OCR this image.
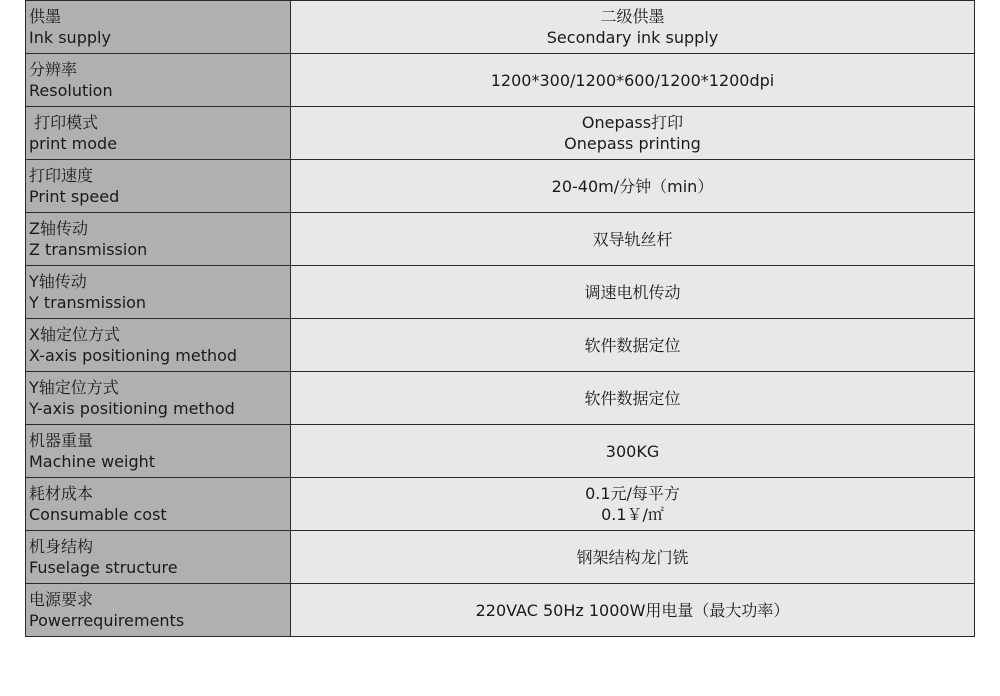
供墨
Ink supply	二级供墨
Secondary ink supply

分辨率
Resolution	1200*300/1200*600/1200*1200dpi

打印模式
print mode	Onepass打印
Onepass printing

打印速度
Print speed	20-40m/分钟（min）

Z轴传动
Z transmission	双导轨丝杆

Y轴传动
Y transmission	调速电机传动

X轴定位方式
X-axis positioning method	软件数据定位

Y轴定位方式
Y-axis positioning method	软件数据定位

机器重量
Machine weight	300KG

耗材成本
Consumable cost	0.1元/每平方
0.1￥/㎡

机身结构
Fuselage structure	钢架结构龙门铣

电源要求
Powerrequirements	220VAC 50Hz 1000W用电量（最大功率）
